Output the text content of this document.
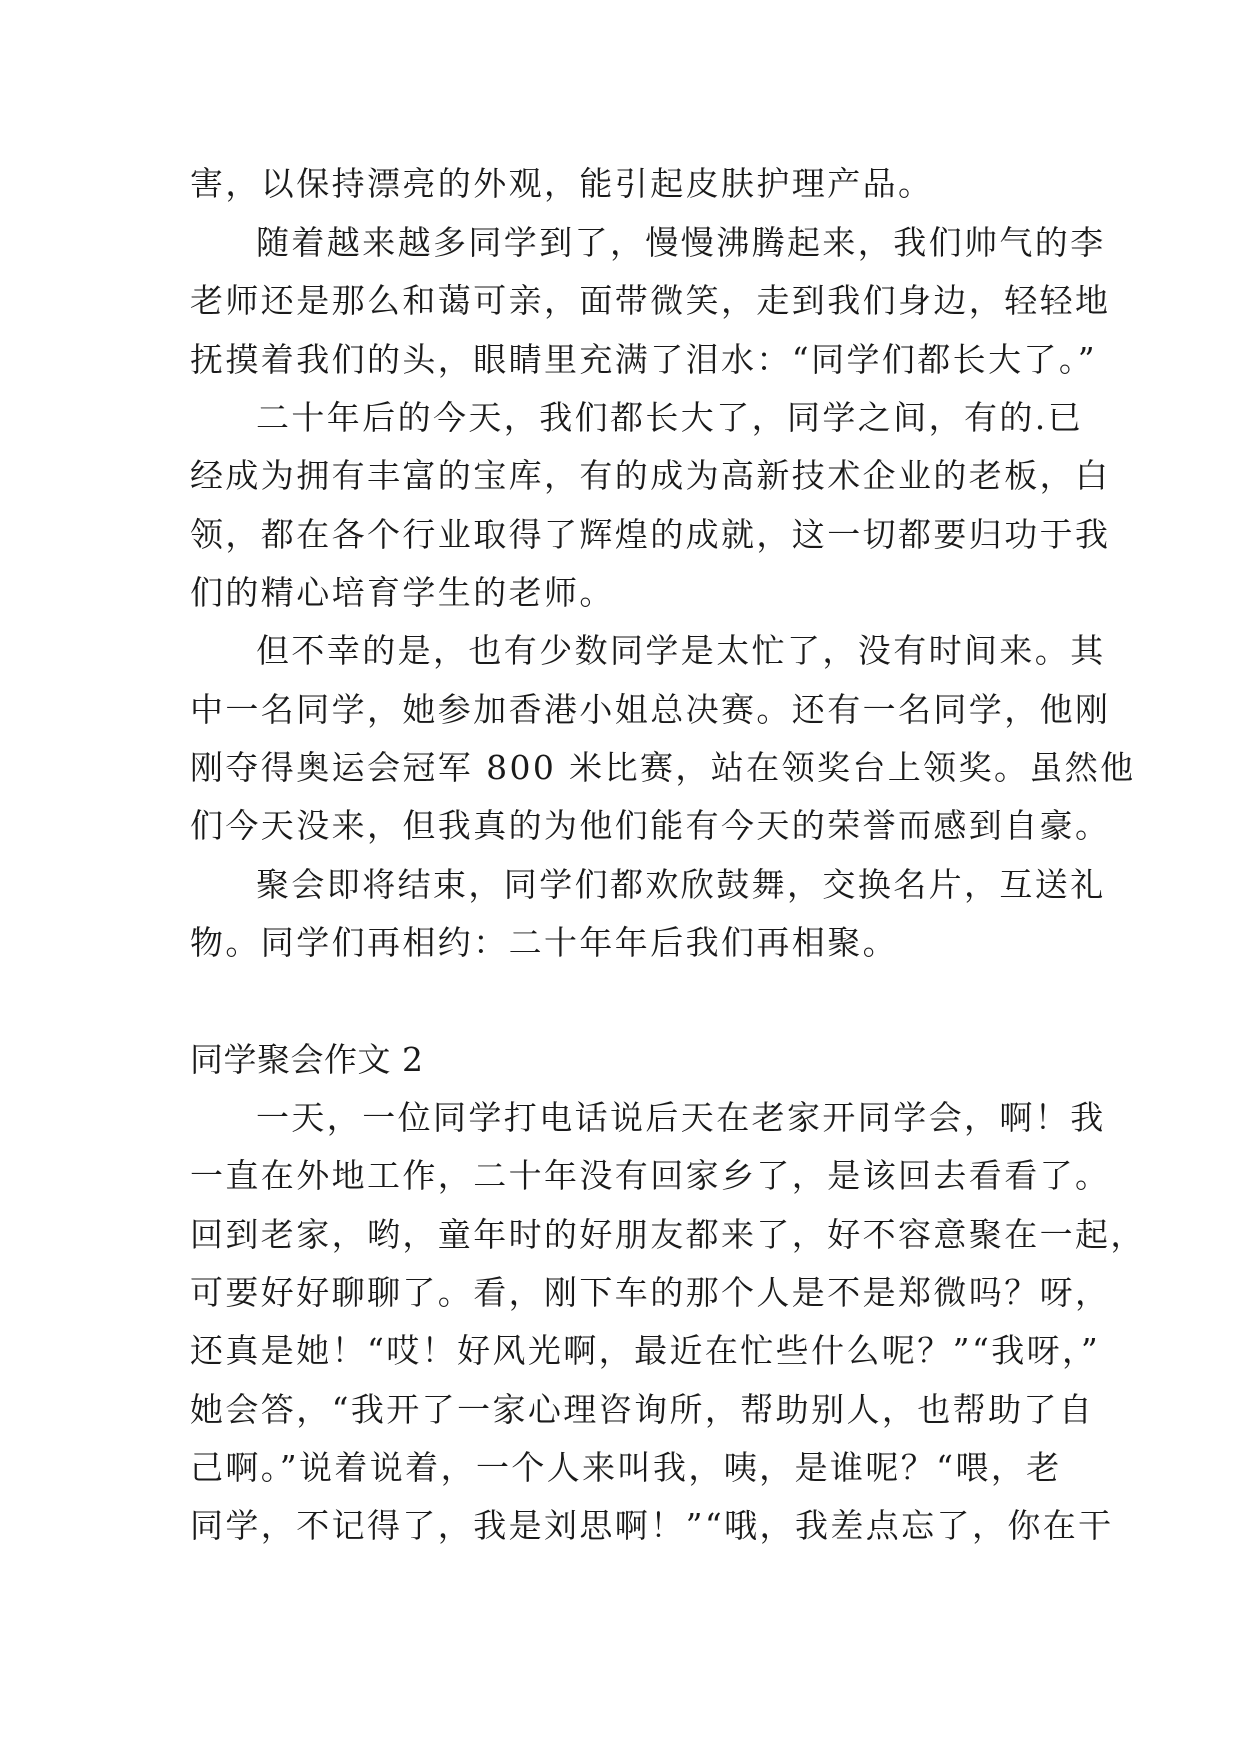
害，以保持漂亮的外观，能引起皮肤护理产品。
随着越来越多同学到了，慢慢沸腾起来，我们帅气的李
老师还是那么和蔼可亲，面带微笑，走到我们身边，轻轻地
抚摸着我们的头，眼睛里充满了泪水：“同学们都长大了。”
二十年后的今天，我们都长大了，同学之间，有的.已
经成为拥有丰富的宝库，有的成为高新技术企业的老板，白
领，都在各个行业取得了辉煌的成就，这一切都要归功于我
们的精心培育学生的老师。
但不幸的是，也有少数同学是太忙了，没有时间来。其
中一名同学，她参加香港小姐总决赛。还有一名同学，他刚
刚夺得奥运会冠军 800 米比赛，站在领奖台上领奖。虽然他
们今天没来，但我真的为他们能有今天的荣誉而感到自豪。
聚会即将结束，同学们都欢欣鼓舞，交换名片，互送礼
物。同学们再相约：二十年年后我们再相聚。
同学聚会作文 2
一天，一位同学打电话说后天在老家开同学会，啊！我
一直在外地工作，二十年没有回家乡了，是该回去看看了。
回到老家，哟，童年时的好朋友都来了，好不容意聚在一起，
可要好好聊聊了。看，刚下车的那个人是不是郑微吗？呀，
还真是她！“哎！好风光啊，最近在忙些什么呢？”“我呀，”
她会答，“我开了一家心理咨询所，帮助别人，也帮助了自
己啊。”说着说着，一个人来叫我，咦，是谁呢？“喂，老
同学，不记得了，我是刘思啊！”“哦，我差点忘了，你在干
